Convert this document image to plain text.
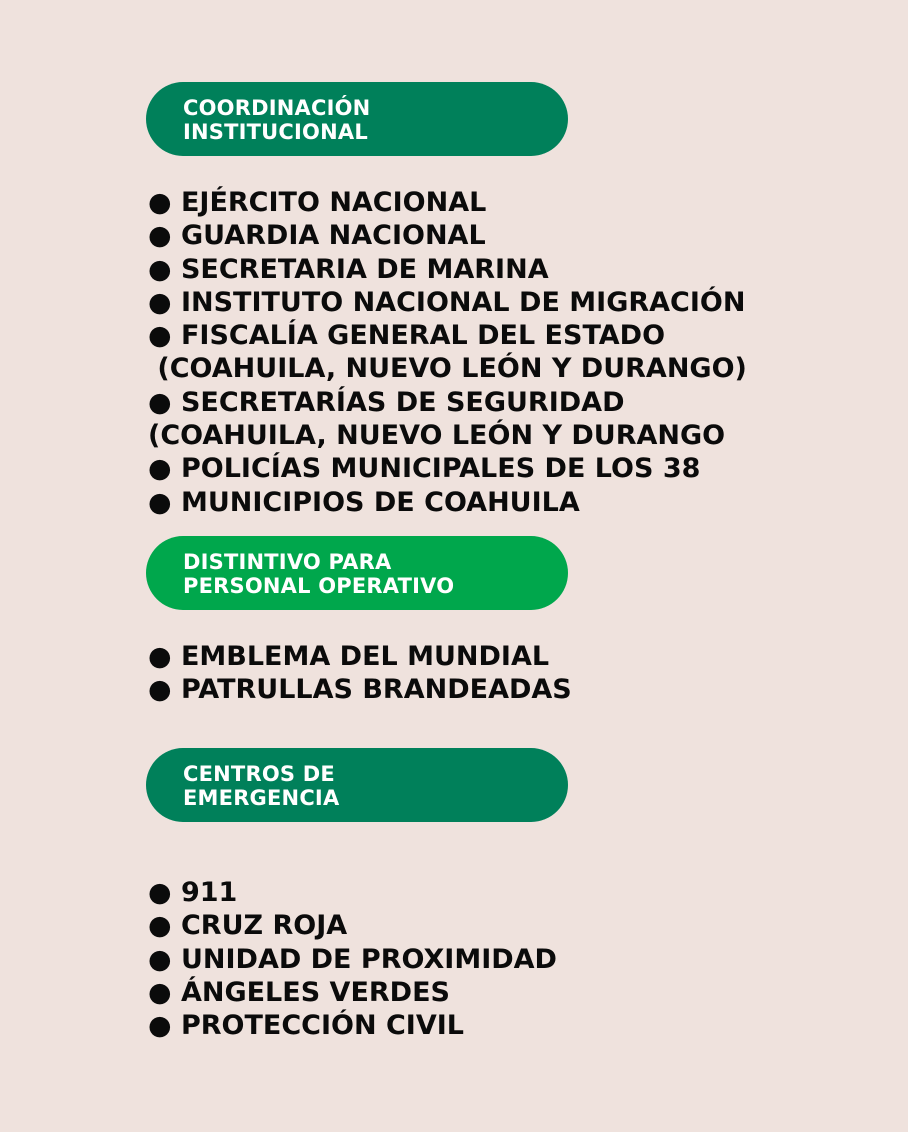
COORDINACIÓN
INSTITUCIONAL
● EJÉRCITO NACIONAL
● GUARDIA NACIONAL
● SECRETARIA DE MARINA
● INSTITUTO NACIONAL DE MIGRACIÓN
● FISCALÍA GENERAL DEL ESTADO
(COAHUILA, NUEVO LEÓN Y DURANGO)
● SECRETARÍAS DE SEGURIDAD
(COAHUILA, NUEVO LEÓN Y DURANGO
● POLICÍAS MUNICIPALES DE LOS 38
● MUNICIPIOS DE COAHUILA
DISTINTIVO PARA
PERSONAL OPERATIVO
● EMBLEMA DEL MUNDIAL
● PATRULLAS BRANDEADAS
CENTROS DE
EMERGENCIA
● 911
● CRUZ ROJA
● UNIDAD DE PROXIMIDAD
● ÁNGELES VERDES
● PROTECCIÓN CIVIL
